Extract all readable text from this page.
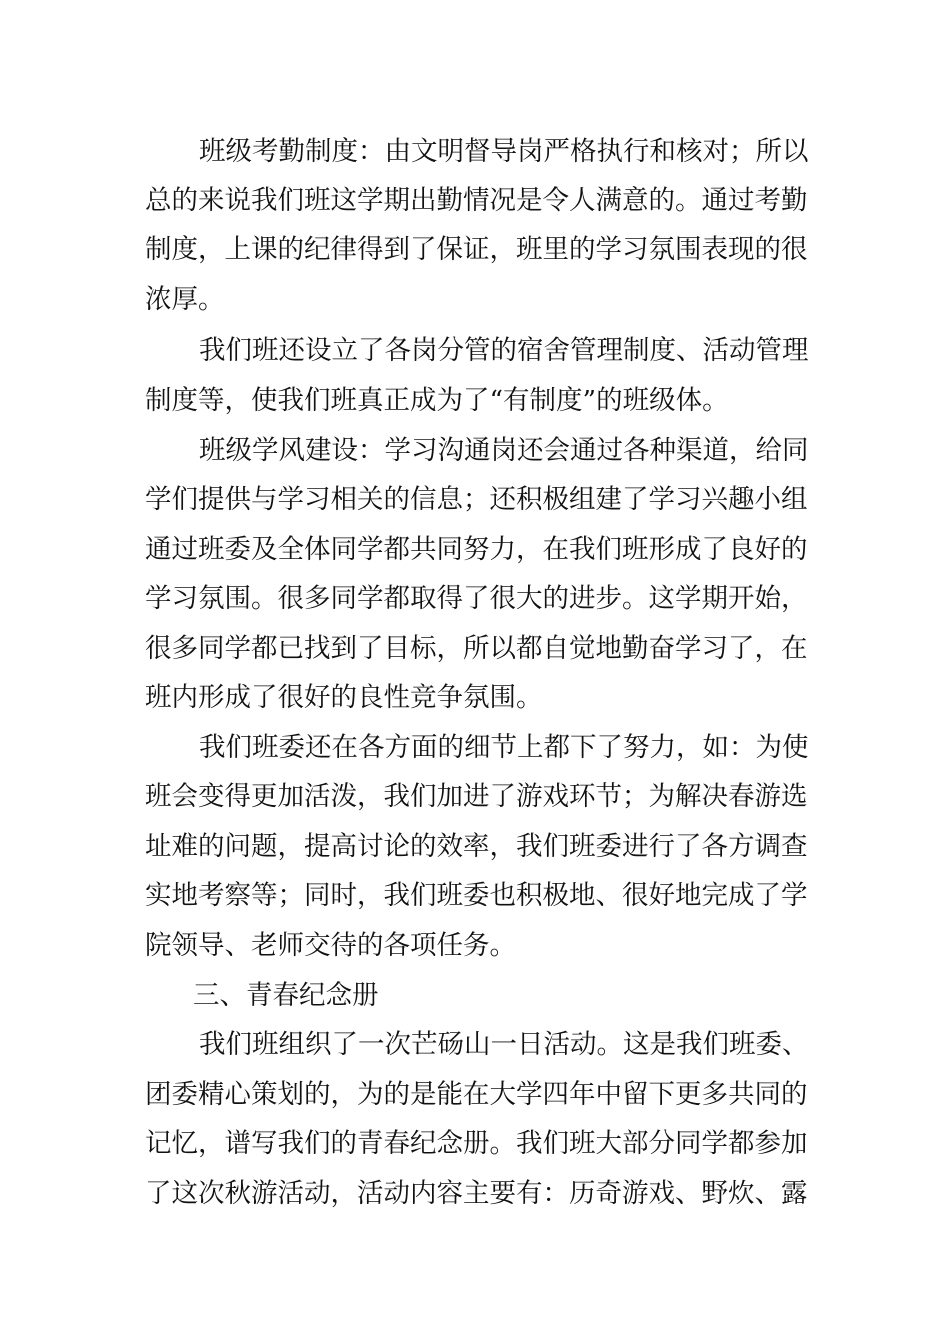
班级考勤制度：由文明督导岗严格执行和核对；所以

总的来说我们班这学期出勤情况是令人满意的。通过考勤

制度，上课的纪律得到了保证，班里的学习氛围表现的很

浓厚。

我们班还设立了各岗分管的宿舍管理制度、活动管理

制度等，使我们班真正成为了“有制度”的班级体。

班级学风建设：学习沟通岗还会通过各种渠道，给同

学们提供与学习相关的信息；还积极组建了学习兴趣小组

通过班委及全体同学都共同努力，在我们班形成了良好的

学习氛围。很多同学都取得了很大的进步。这学期开始，

很多同学都已找到了目标，所以都自觉地勤奋学习了，在

班内形成了很好的良性竞争氛围。

我们班委还在各方面的细节上都下了努力，如：为使

班会变得更加活泼，我们加进了游戏环节；为解决春游选

址难的问题，提高讨论的效率，我们班委进行了各方调查

实地考察等；同时，我们班委也积极地、很好地完成了学

院领导、老师交待的各项任务。

三、青春纪念册

我们班组织了一次芒砀山一日活动。这是我们班委、

团委精心策划的，为的是能在大学四年中留下更多共同的

记忆，谱写我们的青春纪念册。我们班大部分同学都参加

了这次秋游活动，活动内容主要有：历奇游戏、野炊、露
